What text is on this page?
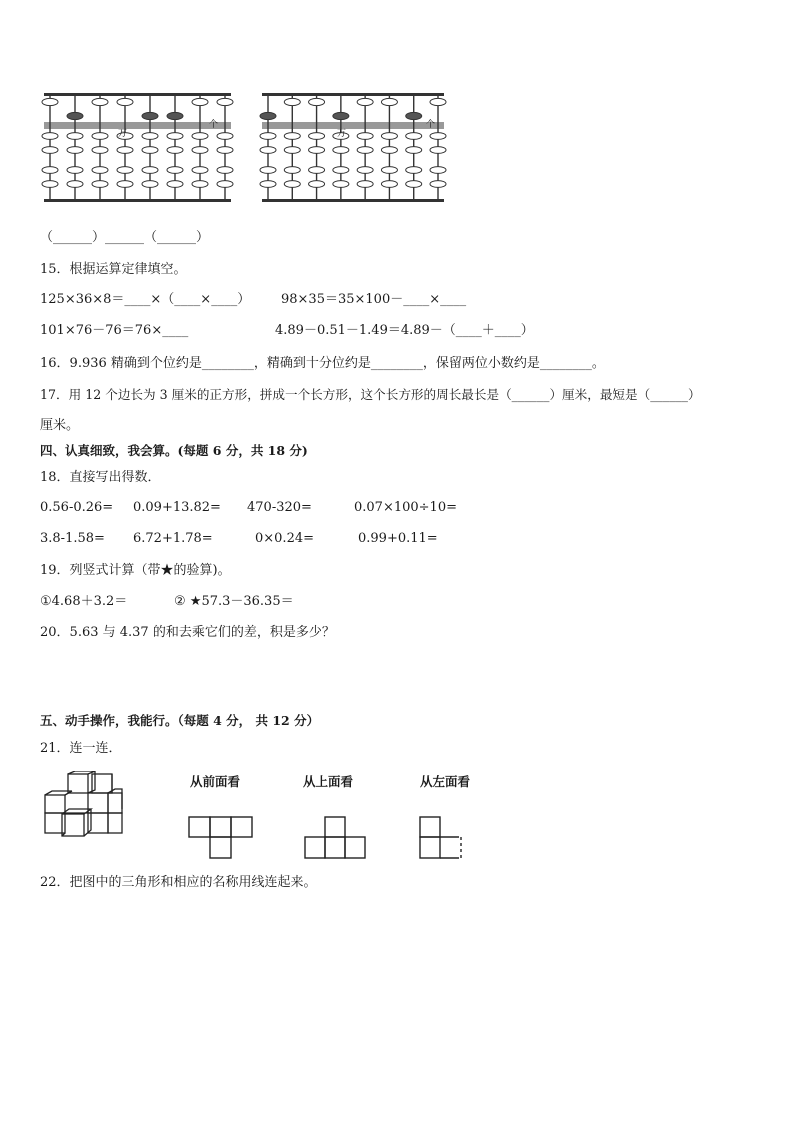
万
个
万
个
（______）______（______）
15．根据运算定律填空。
125×36×8＝____×（____×____） 98×35＝35×100－____×____
101×76－76＝76×____	4.89－0.51－1.49＝4.89－（____＋____）
16．9.936 精确到个位约是________，精确到十分位约是________，保留两位小数约是________。
17．用 12 个边长为 3 厘米的正方形，拼成一个长方形，这个长方形的周长最长是（______）厘米，最短是（______）
厘米。
四、认真细致，我会算。(每题 6 分，共 18 分)
18．直接写出得数．
0.56-0.26= 0.09+13.82= 470-320=	0.07×100÷10=
3.8-1.58= 6.72+1.78=	0×0.24=	0.99+0.11=
19．列竖式计算（带★的验算)。
①4.68＋3.2＝	② ★57.3－36.35＝
20．5.63 与 4.37 的和去乘它们的差，积是多少？
五、动手操作，我能行。（每题 4 分， 共 12 分）
21．连一连．
从前面看	从上面看	从左面看
22．把图中的三角形和相应的名称用线连起来。
